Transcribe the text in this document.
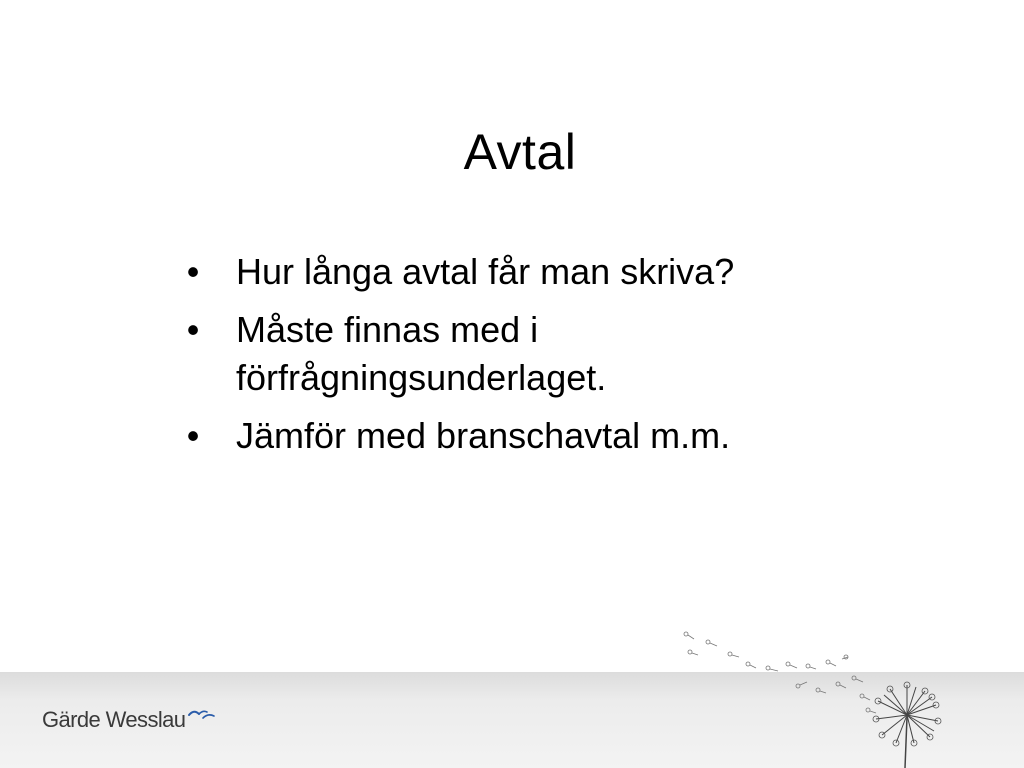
Avtal
• Hur långa avtal får man skriva?
• Måste finnas med i förfrågningsunderlaget.
• Jämför med branschavtal m.m.
Gärde Wesslau
